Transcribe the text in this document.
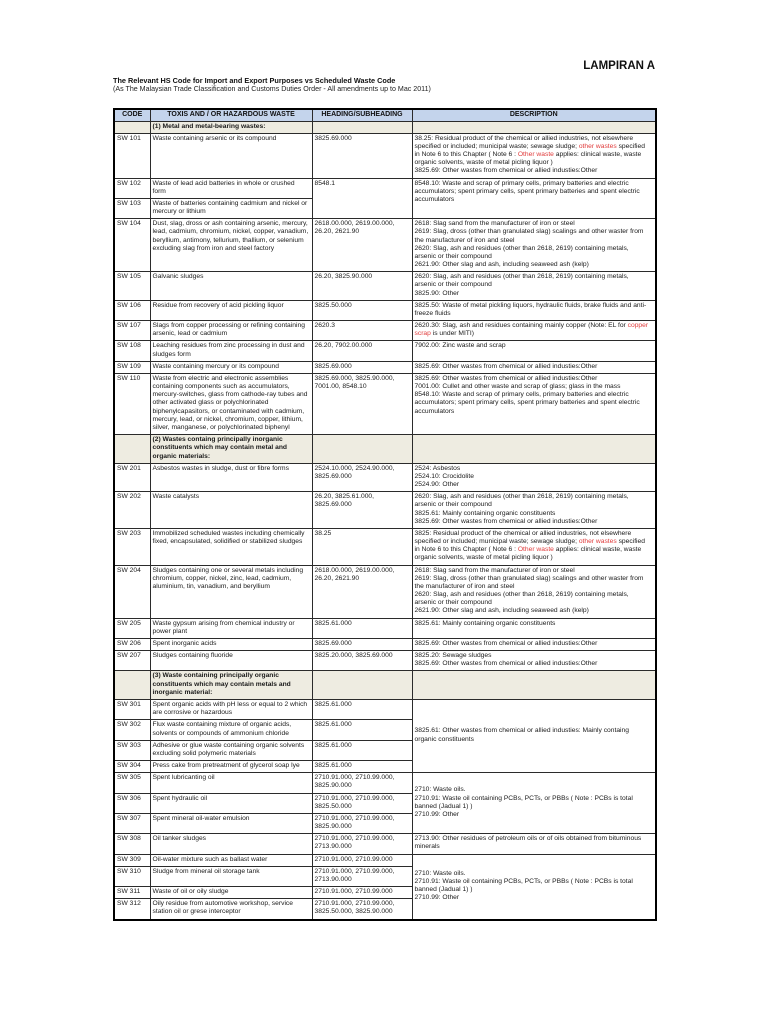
LAMPIRAN A
The Relevant HS Code for Import and Export Purposes vs Scheduled Waste Code
(As The Malaysian Trade Classification and Customs Duties Order - All amendments up to Mac 2011)
CODE	TOXIS AND / OR HAZARDOUS WASTE	HEADING/SUBHEADING	DESCRIPTION
	(1) Metal and metal-bearing wastes:		
SW 101	Waste containing arsenic or its compound	3825.69.000	38.25: Residual product of the chemical or allied industries, not elsewhere specified or included; municipal waste; sewage sludge; other wastes specified in Note 6 to this Chapter ( Note 6 : Other waste applies: clinical waste, waste organic solvents, waste of metal picling liquor )
3825.69: Other wastes from chemical or allied industies:Other

SW 102	Waste of lead acid batteries in whole or crushed form	8548.1	8548.10: Waste and scrap of primary cells, primary batteries and electric accumulators; spent primary cells, spent primary batteries and spent electric accumulators

SW 103	Waste of batteries containing cadmium and nickel or mercury or lithium		
SW 104	Dust, slag, dross or ash containing arsenic, mercury, lead, cadmium, chromium, nickel, copper, vanadium, beryllium, antimony, tellurium, thallium, or selenium excluding slag from iron and steel factory	2618.00.000, 2619.00.000, 26.20, 2621.90	
2618: Slag sand from the manufacturer of iron or steel
2619: Slag, dross (other than granulated slag) scalings and other waster from the manufacturer of iron and steel
2620: Slag, ash and residues (other than 2618, 2619) containing metals, arsenic or their compound
2621.90: Other slag and ash, including seaweed ash (kelp)

SW 105	Galvanic sludges	26.20, 3825.90.000	2620: Slag, ash and residues (other than 2618, 2619) containing metals, arsenic or their compound
3825.90: Other

SW 106	Residue from recovery of acid pickling liquor	3825.50.000	3825.50: Waste of metal pickling liquors, hydraulic fluids, brake fluids and anti-freeze fluids

SW 107	Slags from copper processing or refining containing arsenic, lead or cadmium	2620.3	2620.30: Slag, ash and residues containing mainly copper (Note: EL for copper scrap is under MITI)

SW 108	Leaching residues from zinc processing in dust and sludges form	26.20, 7902.00.000	7902.00: Zinc waste and scrap

SW 109	Waste containing mercury or its compound	3825.69.000	3825.69: Other wastes from chemical or allied industies:Other

SW 110	Waste from electric and electronic assemblies containing components such as accumulators, mercury-switches, glass from cathode-ray tubes and other activated glass or polychlorinated biphenylcapasitors, or contaminated with cadmium, mercury, lead, or nickel, chromium, copper, lithium, silver, manganese, or polychlorinated biphenyl	3825.69.000, 3825.90.000, 7001.00, 8548.10	
3825.69: Other wastes from chemical or allied industies:Other
7001.00: Cullet and other waste and scrap of glass; glass in the mass
8548.10: Waste and scrap of primary cells, primary batteries and electric accumulators; spent primary cells, spent primary batteries and spent electric accumulators

	(2) Wastes containg principally inorganic constituents which may contain metal and organic materials:		
SW 201	Asbestos wastes in sludge, dust or fibre forms	2524.10.000, 2524.90.000, 3825.69.000	2524: Asbestos
2524.10: Crocidolite
2524.90: Other

SW 202	Waste catalysts	26.20, 3825.61.000, 3825.69.000	2620: Slag, ash and residues (other than 2618, 2619) containing metals, arsenic or their compound
3825.61: Mainly containing organic constituents
3825.69: Other wastes from chemical or allied industies:Other

SW 203	Immobilized scheduled wastes including chemically fixed, encapsulated, solidified or stabilized sludges	38.25	3825: Residual product of the chemical or allied industries, not elsewhere specified or included; municipal waste; sewage sludge; other wastes specified in Note 6 to this Chapter ( Note 6 : Other waste applies: clinical waste, waste organic solvents, waste of metal picling liquor )

SW 204	Sludges containing one or several metals including chromium, copper, nickel, zinc, lead, cadmium, aluminium, tin, vanadium, and beryllium	2618.00.000, 2619.00.000, 26.20, 2621.90	2618: Slag sand from the manufacturer of iron or steel
2619: Slag, dross (other than granulated slag) scalings and other waster from the manufacturer of iron and steel
2620: Slag, ash and residues (other than 2618, 2619) containing metals, arsenic or their compound
2621.90: Other slag and ash, including seaweed ash (kelp)

SW 205	Waste gypsum arising from chemical industry or power plant	3825.61.000	3825.61: Mainly containing organic constituents

SW 206	Spent inorganic acids	3825.69.000	3825.69: Other wastes from chemical or allied industies:Other

SW 207	Sludges containing fluoride	3825.20.000, 3825.69.000	3825.20: Sewage sludges
3825.69: Other wastes from chemical or allied industies:Other

	(3) Waste containing principally organic constituents which may contain metals and inorganic material:		
SW 301	Spent organic acids with pH less or equal to 2 which are corrosive or hazardous	3825.61.000	3825.61: Other wastes from chemical or allied industies: Mainly containg organic constituents

SW 302	Flux waste containing mixture of organic acids, solvents or compounds of ammonium chloride	3825.61.000	
SW 303	Adhesive or glue waste containing organic solvents excluding solid polymeric materials	3825.61.000	
SW 304	Press cake from pretreatment of glycerol soap lye	3825.61.000	
SW 305	Spent lubricanting oil	2710.91.000, 2710.99.000, 3825.90.000	2710: Waste oils.
2710.91: Waste oil containing PCBs, PCTs, or PBBs ( Note : PCBs is total banned (Jadual 1) )
2710.99: Other

SW 306	Spent hydraulic oil	2710.91.000, 2710.99.000, 3825.50.000	
SW 307	Spent mineral oil-water emulsion	2710.91.000, 2710.99.000, 3825.90.000	
SW 308	Oil tanker sludges	2710.91.000, 2710.99.000, 2713.90.000	2713.90: Other residues of petroleum oils or of oils obtained from bituminous minerals

SW 309	Oil-water mixture such as ballast water	2710.91.000, 2710.99.000	2710: Waste oils.
2710.91: Waste oil containing PCBs, PCTs, or PBBs ( Note : PCBs is total banned (Jadual 1) )
2710.99: Other

SW 310	Sludge from mineral oil storage tank	2710.91.000, 2710.99.000, 2713.90.000	
SW 311	Waste of oil or oily sludge	2710.91.000, 2710.99.000	
SW 312	Oily residue from automotive workshop, service station oil or grese interceptor	2710.91.000, 2710.99.000, 3825.50.000, 3825.90.000	
